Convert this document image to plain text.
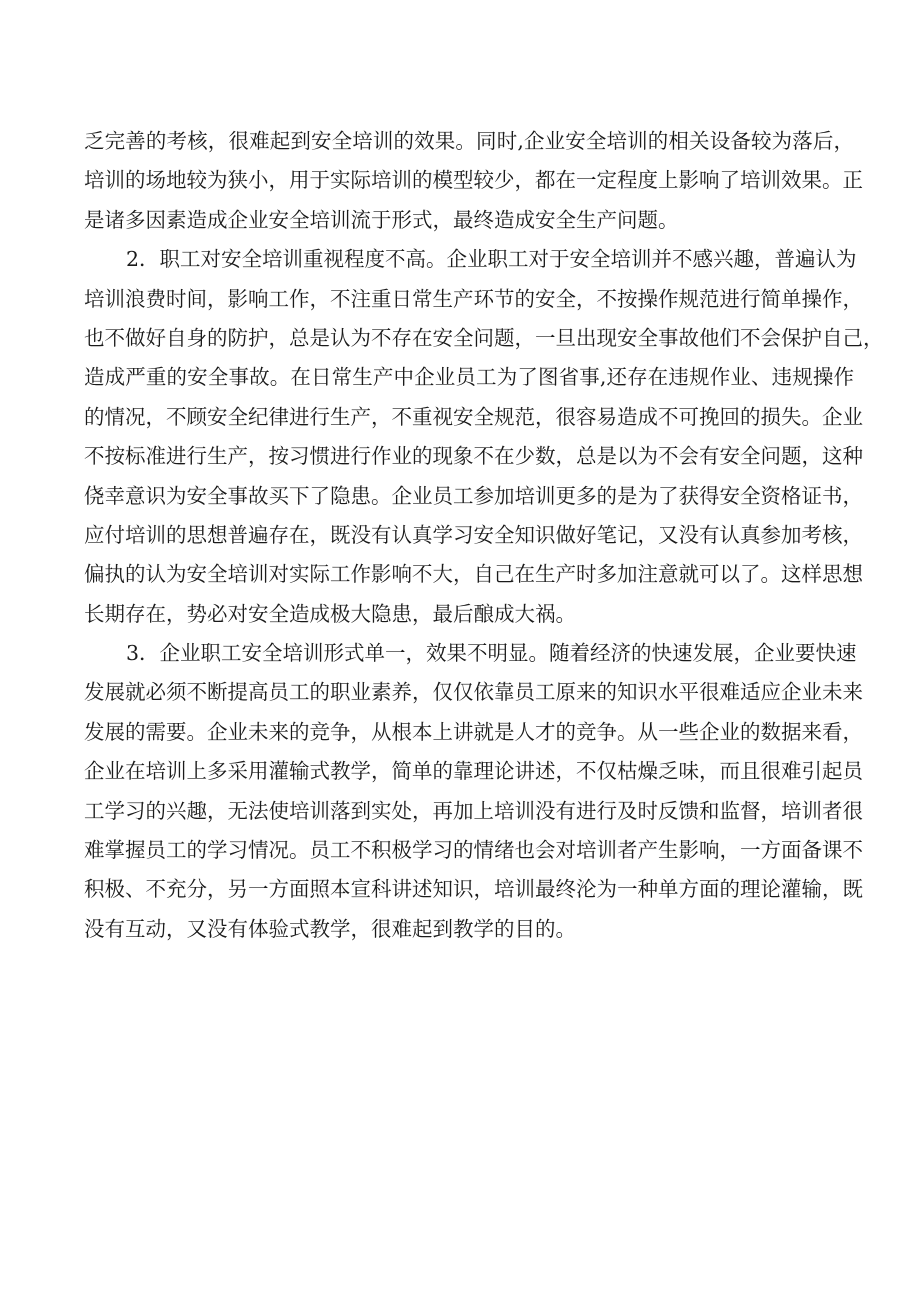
乏完善的考核，很难起到安全培训的效果。同时,企业安全培训的相关设备较为落后，

培训的场地较为狭小，用于实际培训的模型较少，都在一定程度上影响了培训效果。正

是诸多因素造成企业安全培训流于形式，最终造成安全生产问题。

2．职工对安全培训重视程度不高。企业职工对于安全培训并不感兴趣，普遍认为

培训浪费时间，影响工作，不注重日常生产环节的安全，不按操作规范进行简单操作，

也不做好自身的防护，总是认为不存在安全问题，一旦出现安全事故他们不会保护自己，

造成严重的安全事故。在日常生产中企业员工为了图省事,还存在违规作业、违规操作

的情况，不顾安全纪律进行生产，不重视安全规范，很容易造成不可挽回的损失。企业

不按标准进行生产，按习惯进行作业的现象不在少数，总是以为不会有安全问题，这种

侥幸意识为安全事故买下了隐患。企业员工参加培训更多的是为了获得安全资格证书，

应付培训的思想普遍存在，既没有认真学习安全知识做好笔记，又没有认真参加考核，

偏执的认为安全培训对实际工作影响不大，自己在生产时多加注意就可以了。这样思想

长期存在，势必对安全造成极大隐患，最后酿成大祸。

3．企业职工安全培训形式单一，效果不明显。随着经济的快速发展，企业要快速

发展就必须不断提高员工的职业素养，仅仅依靠员工原来的知识水平很难适应企业未来

发展的需要。企业未来的竞争，从根本上讲就是人才的竞争。从一些企业的数据来看，

企业在培训上多采用灌输式教学，简单的靠理论讲述，不仅枯燥乏味，而且很难引起员

工学习的兴趣，无法使培训落到实处，再加上培训没有进行及时反馈和监督，培训者很

难掌握员工的学习情况。员工不积极学习的情绪也会对培训者产生影响，一方面备课不

积极、不充分，另一方面照本宣科讲述知识，培训最终沦为一种单方面的理论灌输，既

没有互动，又没有体验式教学，很难起到教学的目的。
